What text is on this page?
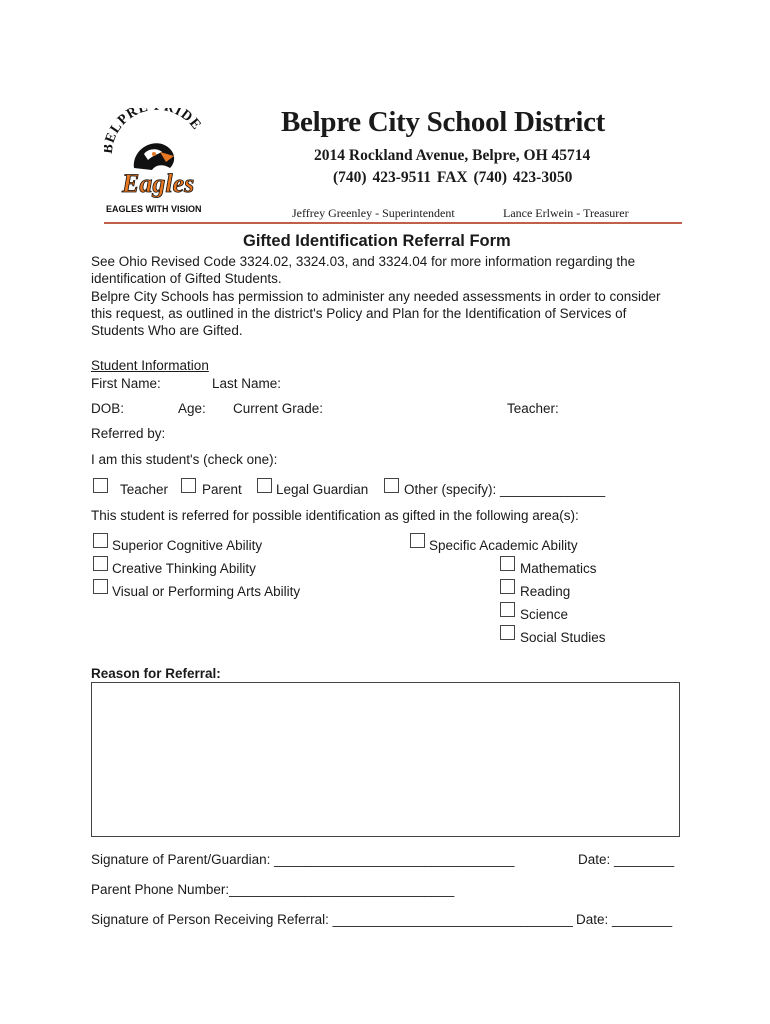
ELPRE RIDE
Eagles
EAGLES WITH VISION
Belpre City School District
2014 Rockland Avenue, Belpre, OH 45714
(740) 423-9511 FAX (740) 423-3050
Jeffrey Greenley - Superintendent	Lance Erlwein - Treasurer
Gifted Identification Referral Form
See Ohio Revised Code 3324.02, 3324.03, and 3324.04 for more information regarding the
identification of Gifted Students.
Belpre City Schools has permission to administer any needed assessments in order to consider
this request, as outlined in the district's Policy and Plan for the Identification of Services of
Students Who are Gifted.
Student Information
First Name:	Last Name:
DOB:	Age: Current Grade:	Teacher:
Referred by:
I am this student's (check one):
Teacher	Parent	Legal Guardian	Other (specify): ______________
This student is referred for possible identification as gifted in the following area(s):
Superior Cognitive Ability
Creative Thinking Ability
Visual or Performing Arts Ability
Specific Academic Ability
Mathematics
Reading
Science
Social Studies
Reason for Referral:
Signature of Parent/Guardian: ________________________________	Date: ________
Parent Phone Number:______________________________
Signature of Person Receiving Referral: ________________________________ Date: ________
